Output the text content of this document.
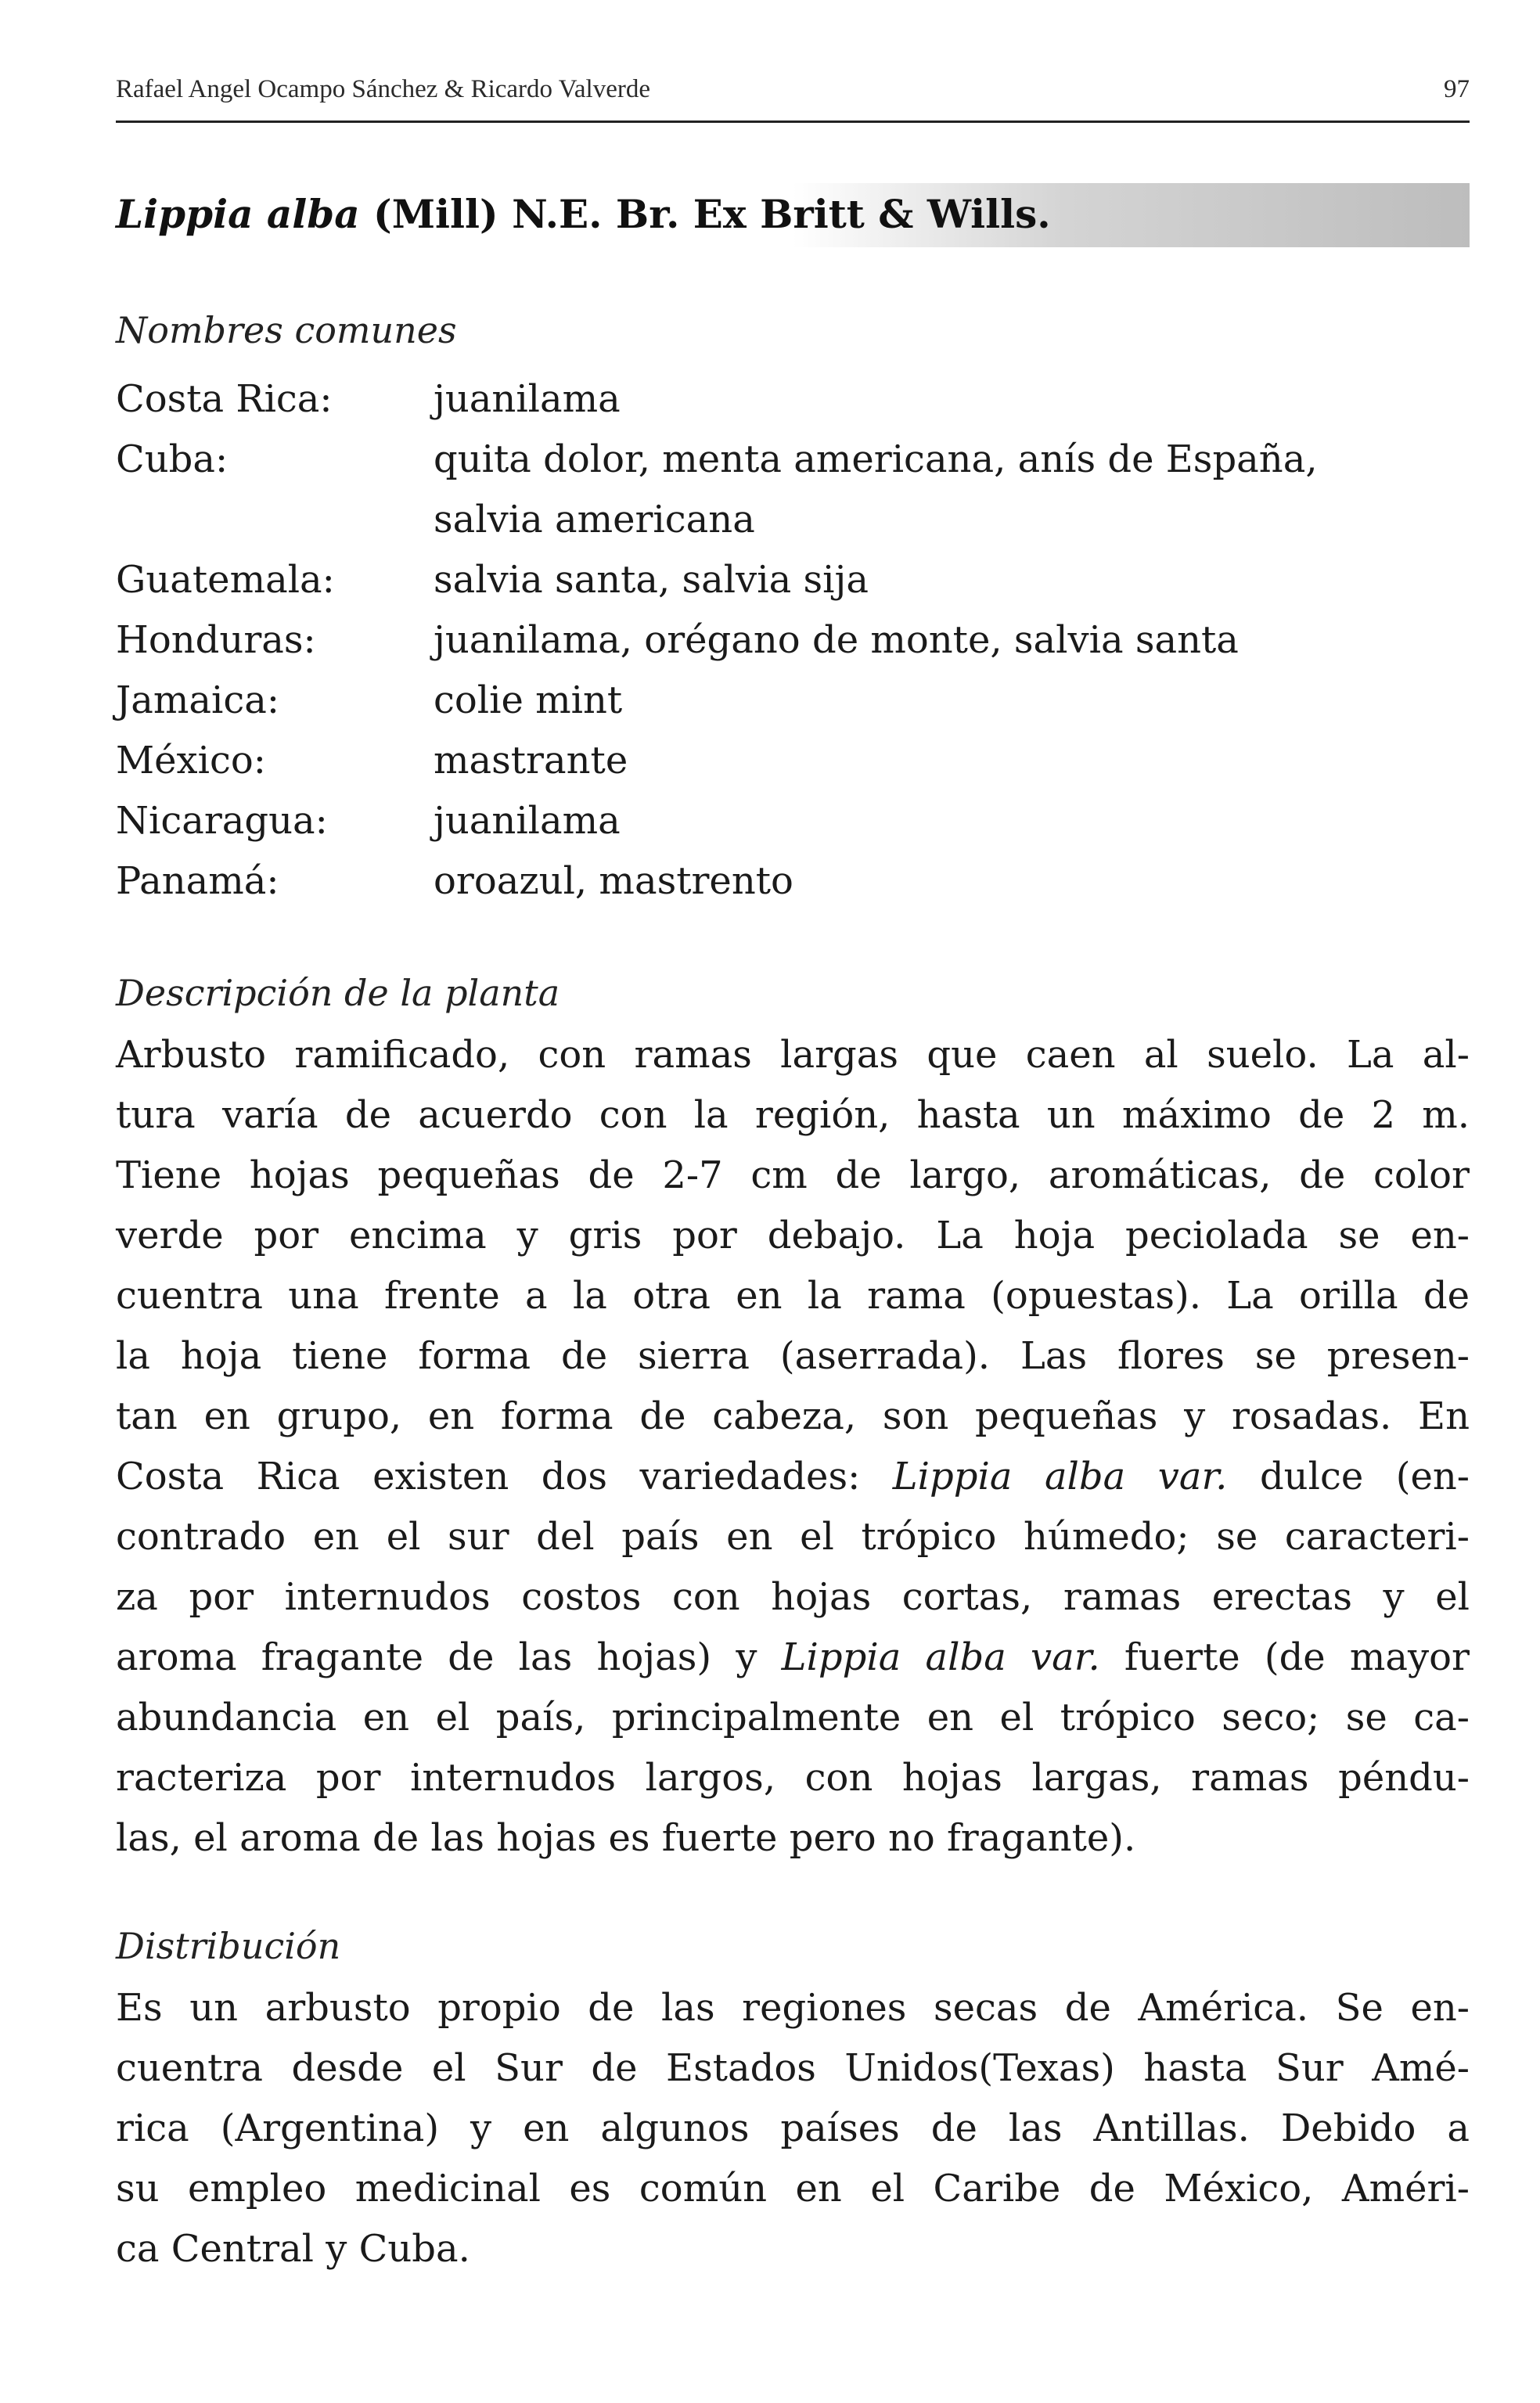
Rafael Angel Ocampo Sánchez & Ricardo Valverde	97
Lippia alba (Mill) N.E. Br. Ex Britt & Wills.
Nombres comunes
Costa Rica:	juanilama
Cuba:	quita dolor, menta americana, anís de España,
salvia americana
Guatemala:	salvia santa, salvia sija
Honduras:	juanilama, orégano de monte, salvia santa
Jamaica:	colie mint
México:	mastrante
Nicaragua:	juanilama
Panamá:	oroazul, mastrento
Descripción de la planta
Arbusto ramificado, con ramas largas que caen al suelo. La al-
tura varía de acuerdo con la región, hasta un máximo de 2 m.
Tiene hojas pequeñas de 2-7 cm de largo, aromáticas, de color
verde por encima y gris por debajo. La hoja peciolada se en-
cuentra una frente a la otra en la rama (opuestas). La orilla de
la hoja tiene forma de sierra (aserrada). Las flores se presen-
tan en grupo, en forma de cabeza, son pequeñas y rosadas. En
Costa Rica existen dos variedades: Lippia alba var. dulce (en-
contrado en el sur del país en el trópico húmedo; se caracteri-
za por internudos costos con hojas cortas, ramas erectas y el
aroma fragante de las hojas) y Lippia alba var. fuerte (de mayor
abundancia en el país, principalmente en el trópico seco; se ca-
racteriza por internudos largos, con hojas largas, ramas péndu-
las, el aroma de las hojas es fuerte pero no fragante).
Distribución
Es un arbusto propio de las regiones secas de América. Se en-
cuentra desde el Sur de Estados Unidos(Texas) hasta Sur Amé-
rica (Argentina) y en algunos países de las Antillas. Debido a
su empleo medicinal es común en el Caribe de México, Améri-
ca Central y Cuba.
